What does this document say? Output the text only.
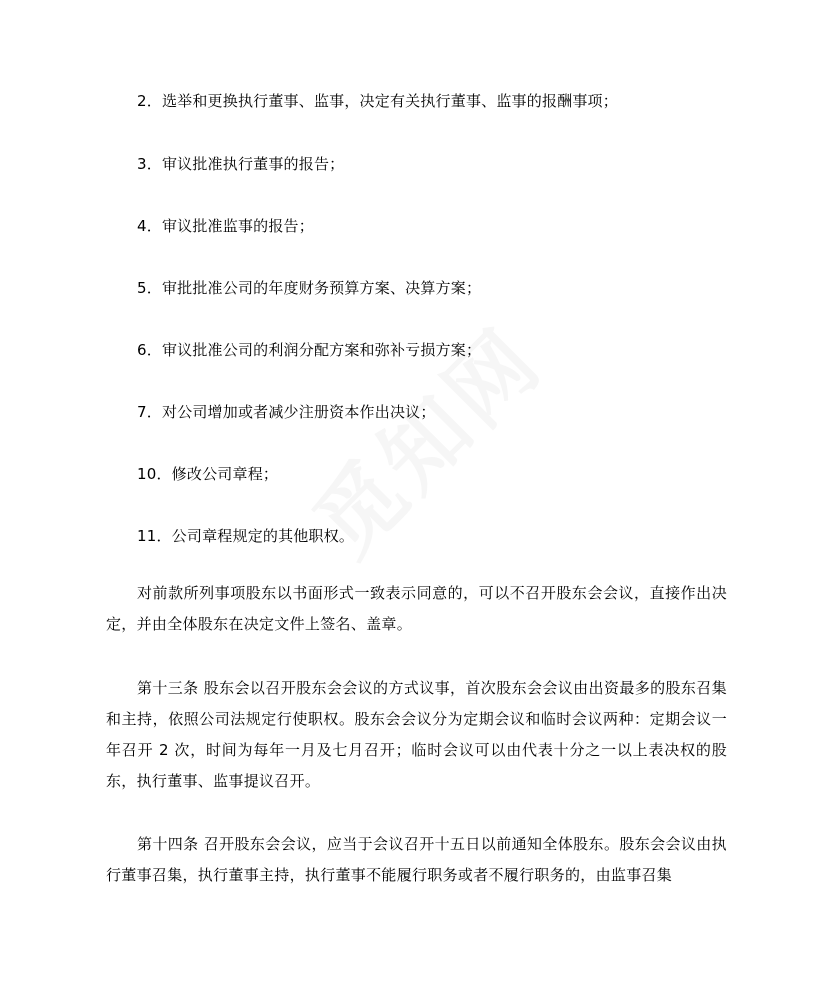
2．选举和更换执行董事、监事，决定有关执行董事、监事的报酬事项；
3．审议批准执行董事的报告；
4．审议批准监事的报告；
5．审批批准公司的年度财务预算方案、决算方案；
6．审议批准公司的利润分配方案和弥补亏损方案；
7．对公司增加或者减少注册资本作出决议；
10．修改公司章程；
11．公司章程规定的其他职权。
对前款所列事项股东以书面形式一致表示同意的，可以不召开股东会会议，直接作出决定，并由全体股东在决定文件上签名、盖章。
第十三条 股东会以召开股东会会议的方式议事，首次股东会会议由出资最多的股东召集和主持，依照公司法规定行使职权。股东会会议分为定期会议和临时会议两种：定期会议一年召开 2 次，时间为每年一月及七月召开；临时会议可以由代表十分之一以上表决权的股东，执行董事、监事提议召开。
第十四条 召开股东会会议，应当于会议召开十五日以前通知全体股东。股东会会议由执行董事召集，执行董事主持，执行董事不能履行职务或者不履行职务的，由监事召集
